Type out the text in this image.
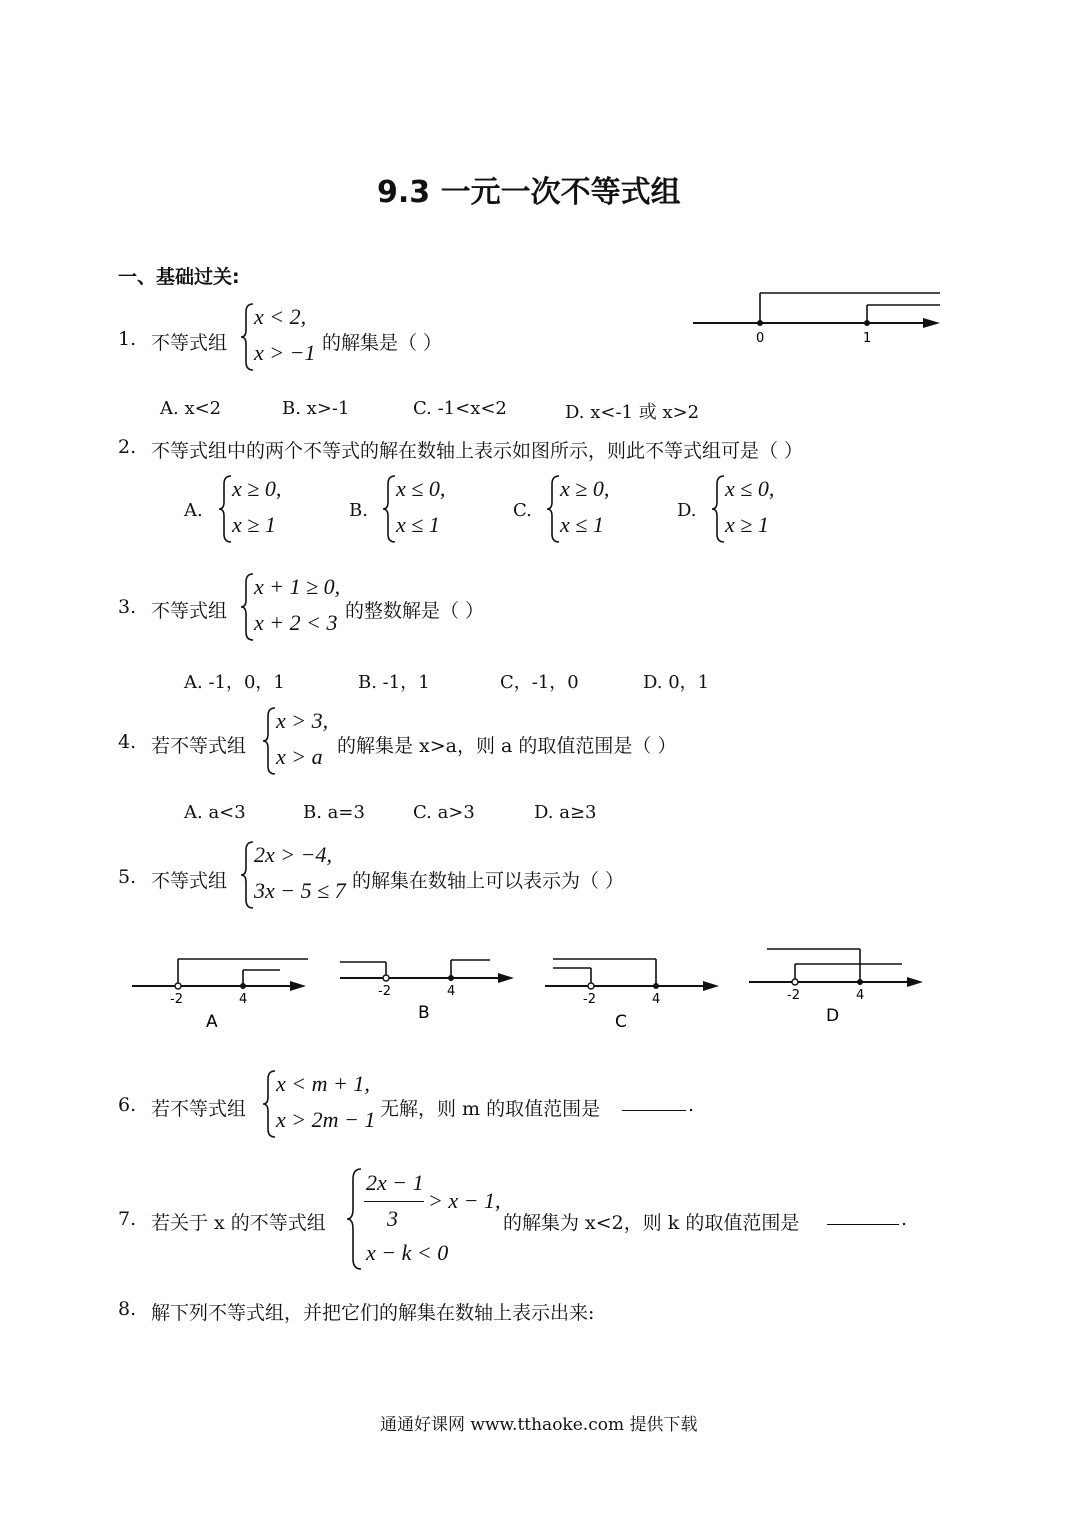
9.3 一元一次不等式组
一、基础过关:
1. 不等式组
x < 2,
x > −1 的解集是（ ）
A. x<2	B. x>-1	C. -1<x<2	D. x<-1 或 x>2
0	1
2. 不等式组中的两个不等式的解在数轴上表示如图所示，则此不等式组可是（ ）
A.
x ≥ 0,
x ≥ 1
B.
x ≤ 0,
x ≤ 1
C.
x ≥ 0,
x ≤ 1
D.
x ≤ 0,
x ≥ 1
3. 不等式组
x + 1 ≥ 0,
x + 2 < 3 的整数解是（ ）
A. -1，0，1	B. -1，1	C，-1，0	D. 0，1
4. 若不等式组
x > 3,
x > a 的解集是 x>a，则 a 的取值范围是（ ）
A. a<3	B. a=3	C. a>3	D. a≥3
5. 不等式组
2x > −4,
3x − 5 ≤ 7 的解集在数轴上可以表示为（ ）
-2	4
A
-2	4
B
-2	4
C
-2	4
D
6. 若不等式组
x < m + 1,
x > 2m − 1 无解，则 m 的取值范围是	.
7. 若关于 x 的不等式组
2x − 1
3
> x − 1,
x − k < 0
的解集为 x<2，则 k 的取值范围是	.
8. 解下列不等式组，并把它们的解集在数轴上表示出来:
通通好课网 www.tthaoke.com 提供下载
